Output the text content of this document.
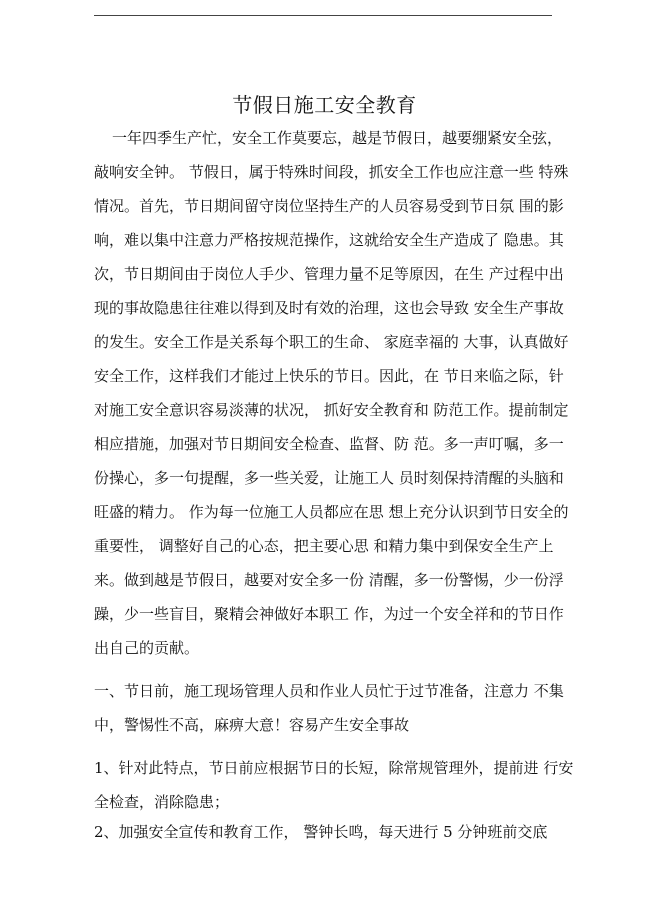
节假日施工安全教育
一年四季生产忙，安全工作莫要忘，越是节假日，越要绷紧安全弦，
敲响安全钟。 节假日，属于特殊时间段，抓安全工作也应注意一些 特殊
情况。首先，节日期间留守岗位坚持生产的人员容易受到节日氛 围的影
响，难以集中注意力严格按规范操作，这就给安全生产造成了 隐患。其
次，节日期间由于岗位人手少、管理力量不足等原因，在生 产过程中出
现的事故隐患往往难以得到及时有效的治理，这也会导致 安全生产事故
的发生。安全工作是关系每个职工的生命、 家庭幸福的 大事，认真做好
安全工作，这样我们才能过上快乐的节日。因此，在 节日来临之际，针
对施工安全意识容易淡薄的状况， 抓好安全教育和 防范工作。提前制定
相应措施，加强对节日期间安全检查、监督、防 范。多一声叮嘱，多一
份操心，多一句提醒，多一些关爱，让施工人 员时刻保持清醒的头脑和
旺盛的精力。 作为每一位施工人员都应在思 想上充分认识到节日安全的
重要性， 调整好自己的心态，把主要心思 和精力集中到保安全生产上
来。做到越是节假日，越要对安全多一份 清醒，多一份警惕，少一份浮
躁，少一些盲目，聚精会神做好本职工 作，为过一个安全祥和的节日作
出自己的贡献。
一、节日前，施工现场管理人员和作业人员忙于过节准备，注意力 不集
中，警惕性不高，麻痹大意！容易产生安全事故
1、针对此特点，节日前应根据节日的长短，除常规管理外，提前进 行安
全检查，消除隐患；
2、加强安全宣传和教育工作， 警钟长鸣，每天进行 5 分钟班前交底
